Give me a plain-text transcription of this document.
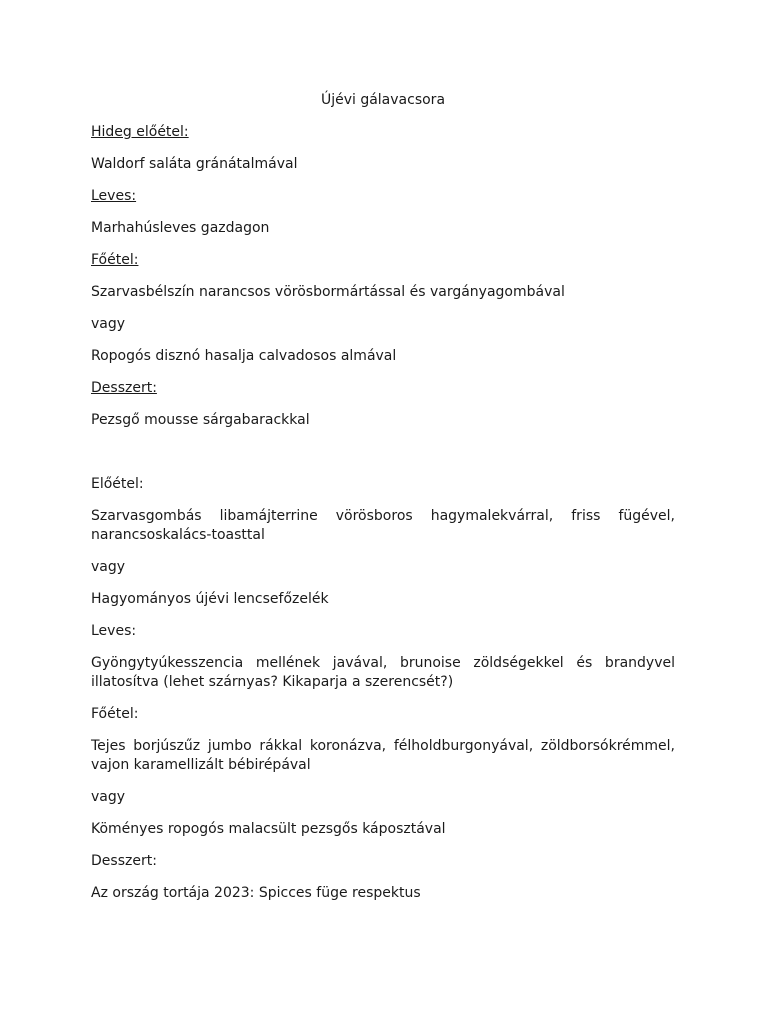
Újévi gálavacsora
Hideg előétel:
Waldorf saláta gránátalmával
Leves:
Marhahúsleves gazdagon
Főétel:
Szarvasbélszín narancsos vörösbormártással és vargányagombával
vagy
Ropogós disznó hasalja calvadosos almával
Desszert:
Pezsgő mousse sárgabarackkal
Előétel:
Szarvasgombás libamájterrine vörösboros hagymalekvárral, friss fügével, narancsoskalács-toasttal
vagy
Hagyományos újévi lencsefőzelék
Leves:
Gyöngytyúkesszencia mellének javával, brunoise zöldségekkel és brandyvel illatosítva (lehet szárnyas? Kikaparja a szerencsét?)
Főétel:
Tejes borjúszűz jumbo rákkal koronázva, félholdburgonyával, zöldborsókrémmel, vajon karamellizált bébirépával
vagy
Köményes ropogós malacsült pezsgős káposztával
Desszert:
Az ország tortája 2023: Spicces füge respektus
